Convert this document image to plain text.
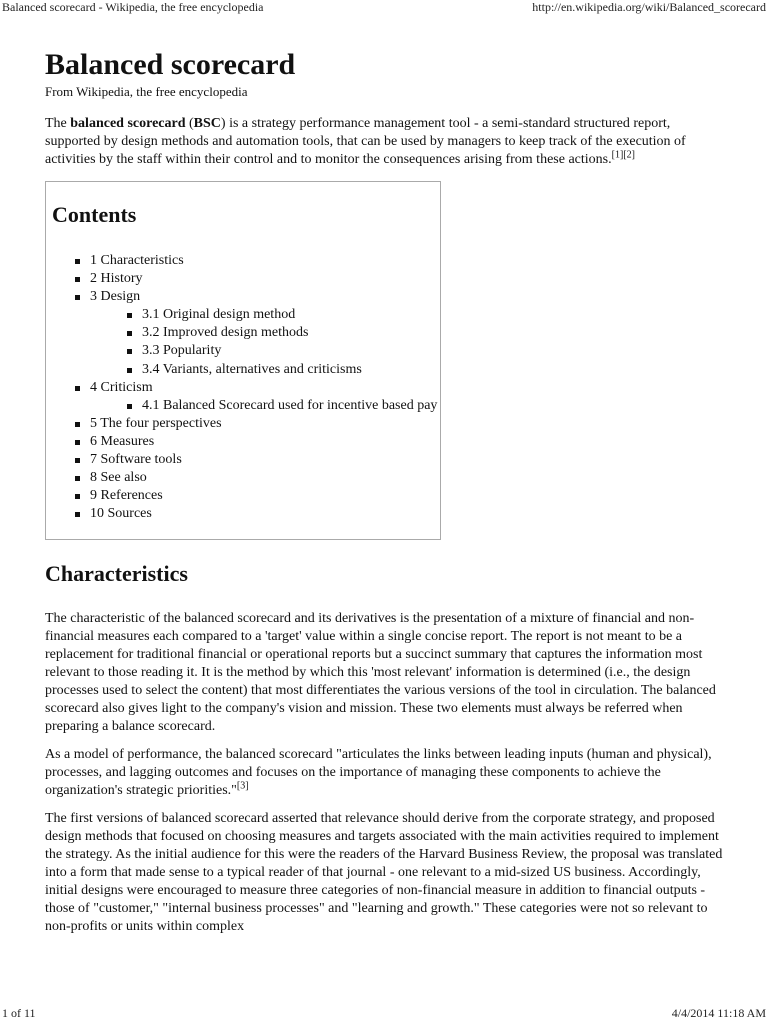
Balanced scorecard - Wikipedia, the free encyclopedia	http://en.wikipedia.org/wiki/Balanced_scorecard
Balanced scorecard
From Wikipedia, the free encyclopedia

The balanced scorecard (BSC) is a strategy performance management tool - a semi-standard structured report, supported by design methods and automation tools, that can be used by managers to keep track of the execution of activities by the staff within their control and to monitor the consequences arising from these actions.[1][2]

Contents
1 Characteristics
2 History
3 Design
3.1 Original design method
3.2 Improved design methods
3.3 Popularity
3.4 Variants, alternatives and criticisms
4 Criticism
4.1 Balanced Scorecard used for incentive based pay
5 The four perspectives
6 Measures
7 Software tools
8 See also
9 References
10 Sources
Characteristics

The characteristic of the balanced scorecard and its derivatives is the presentation of a mixture of financial and non-financial measures each compared to a 'target' value within a single concise report. The report is not meant to be a replacement for traditional financial or operational reports but a succinct summary that captures the information most relevant to those reading it. It is the method by which this 'most relevant' information is determined (i.e., the design processes used to select the content) that most differentiates the various versions of the tool in circulation. The balanced scorecard also gives light to the company's vision and mission. These two elements must always be referred when preparing a balance scorecard.

As a model of performance, the balanced scorecard "articulates the links between leading inputs (human and physical), processes, and lagging outcomes and focuses on the importance of managing these components to achieve the organization's strategic priorities."[3]

The first versions of balanced scorecard asserted that relevance should derive from the corporate strategy, and proposed design methods that focused on choosing measures and targets associated with the main activities required to implement the strategy. As the initial audience for this were the readers of the Harvard Business Review, the proposal was translated into a form that made sense to a typical reader of that journal - one relevant to a mid-sized US business. Accordingly, initial designs were encouraged to measure three categories of non-financial measure in addition to financial outputs - those of "customer," "internal business processes" and "learning and growth." These categories were not so relevant to non-profits or units within complex

1 of 11	4/4/2014 11:18 AM
